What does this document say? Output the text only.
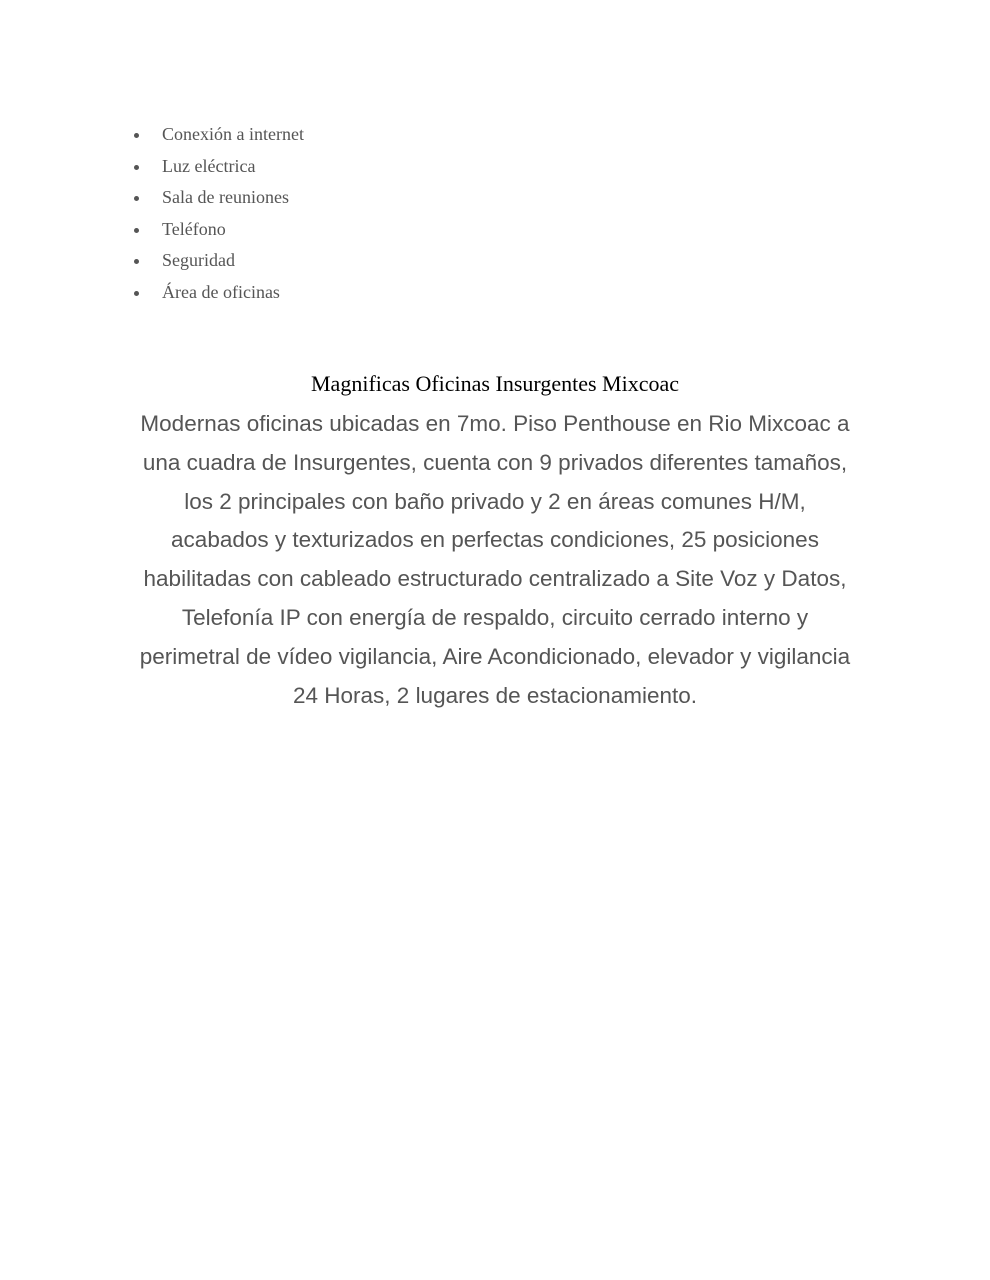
Conexión a internet
Luz eléctrica
Sala de reuniones
Teléfono
Seguridad
Área de oficinas
Magnificas Oficinas Insurgentes Mixcoac

Modernas oficinas ubicadas en 7mo. Piso Penthouse en Rio Mixcoac a una cuadra de Insurgentes, cuenta con 9 privados diferentes tamaños, los 2 principales con baño privado y 2 en áreas comunes H/M, acabados y texturizados en perfectas condiciones, 25 posiciones habilitadas con cableado estructurado centralizado a Site Voz y Datos, Telefonía IP con energía de respaldo, circuito cerrado interno y perimetral de vídeo vigilancia, Aire Acondicionado, elevador y vigilancia 24 Horas, 2 lugares de estacionamiento.
